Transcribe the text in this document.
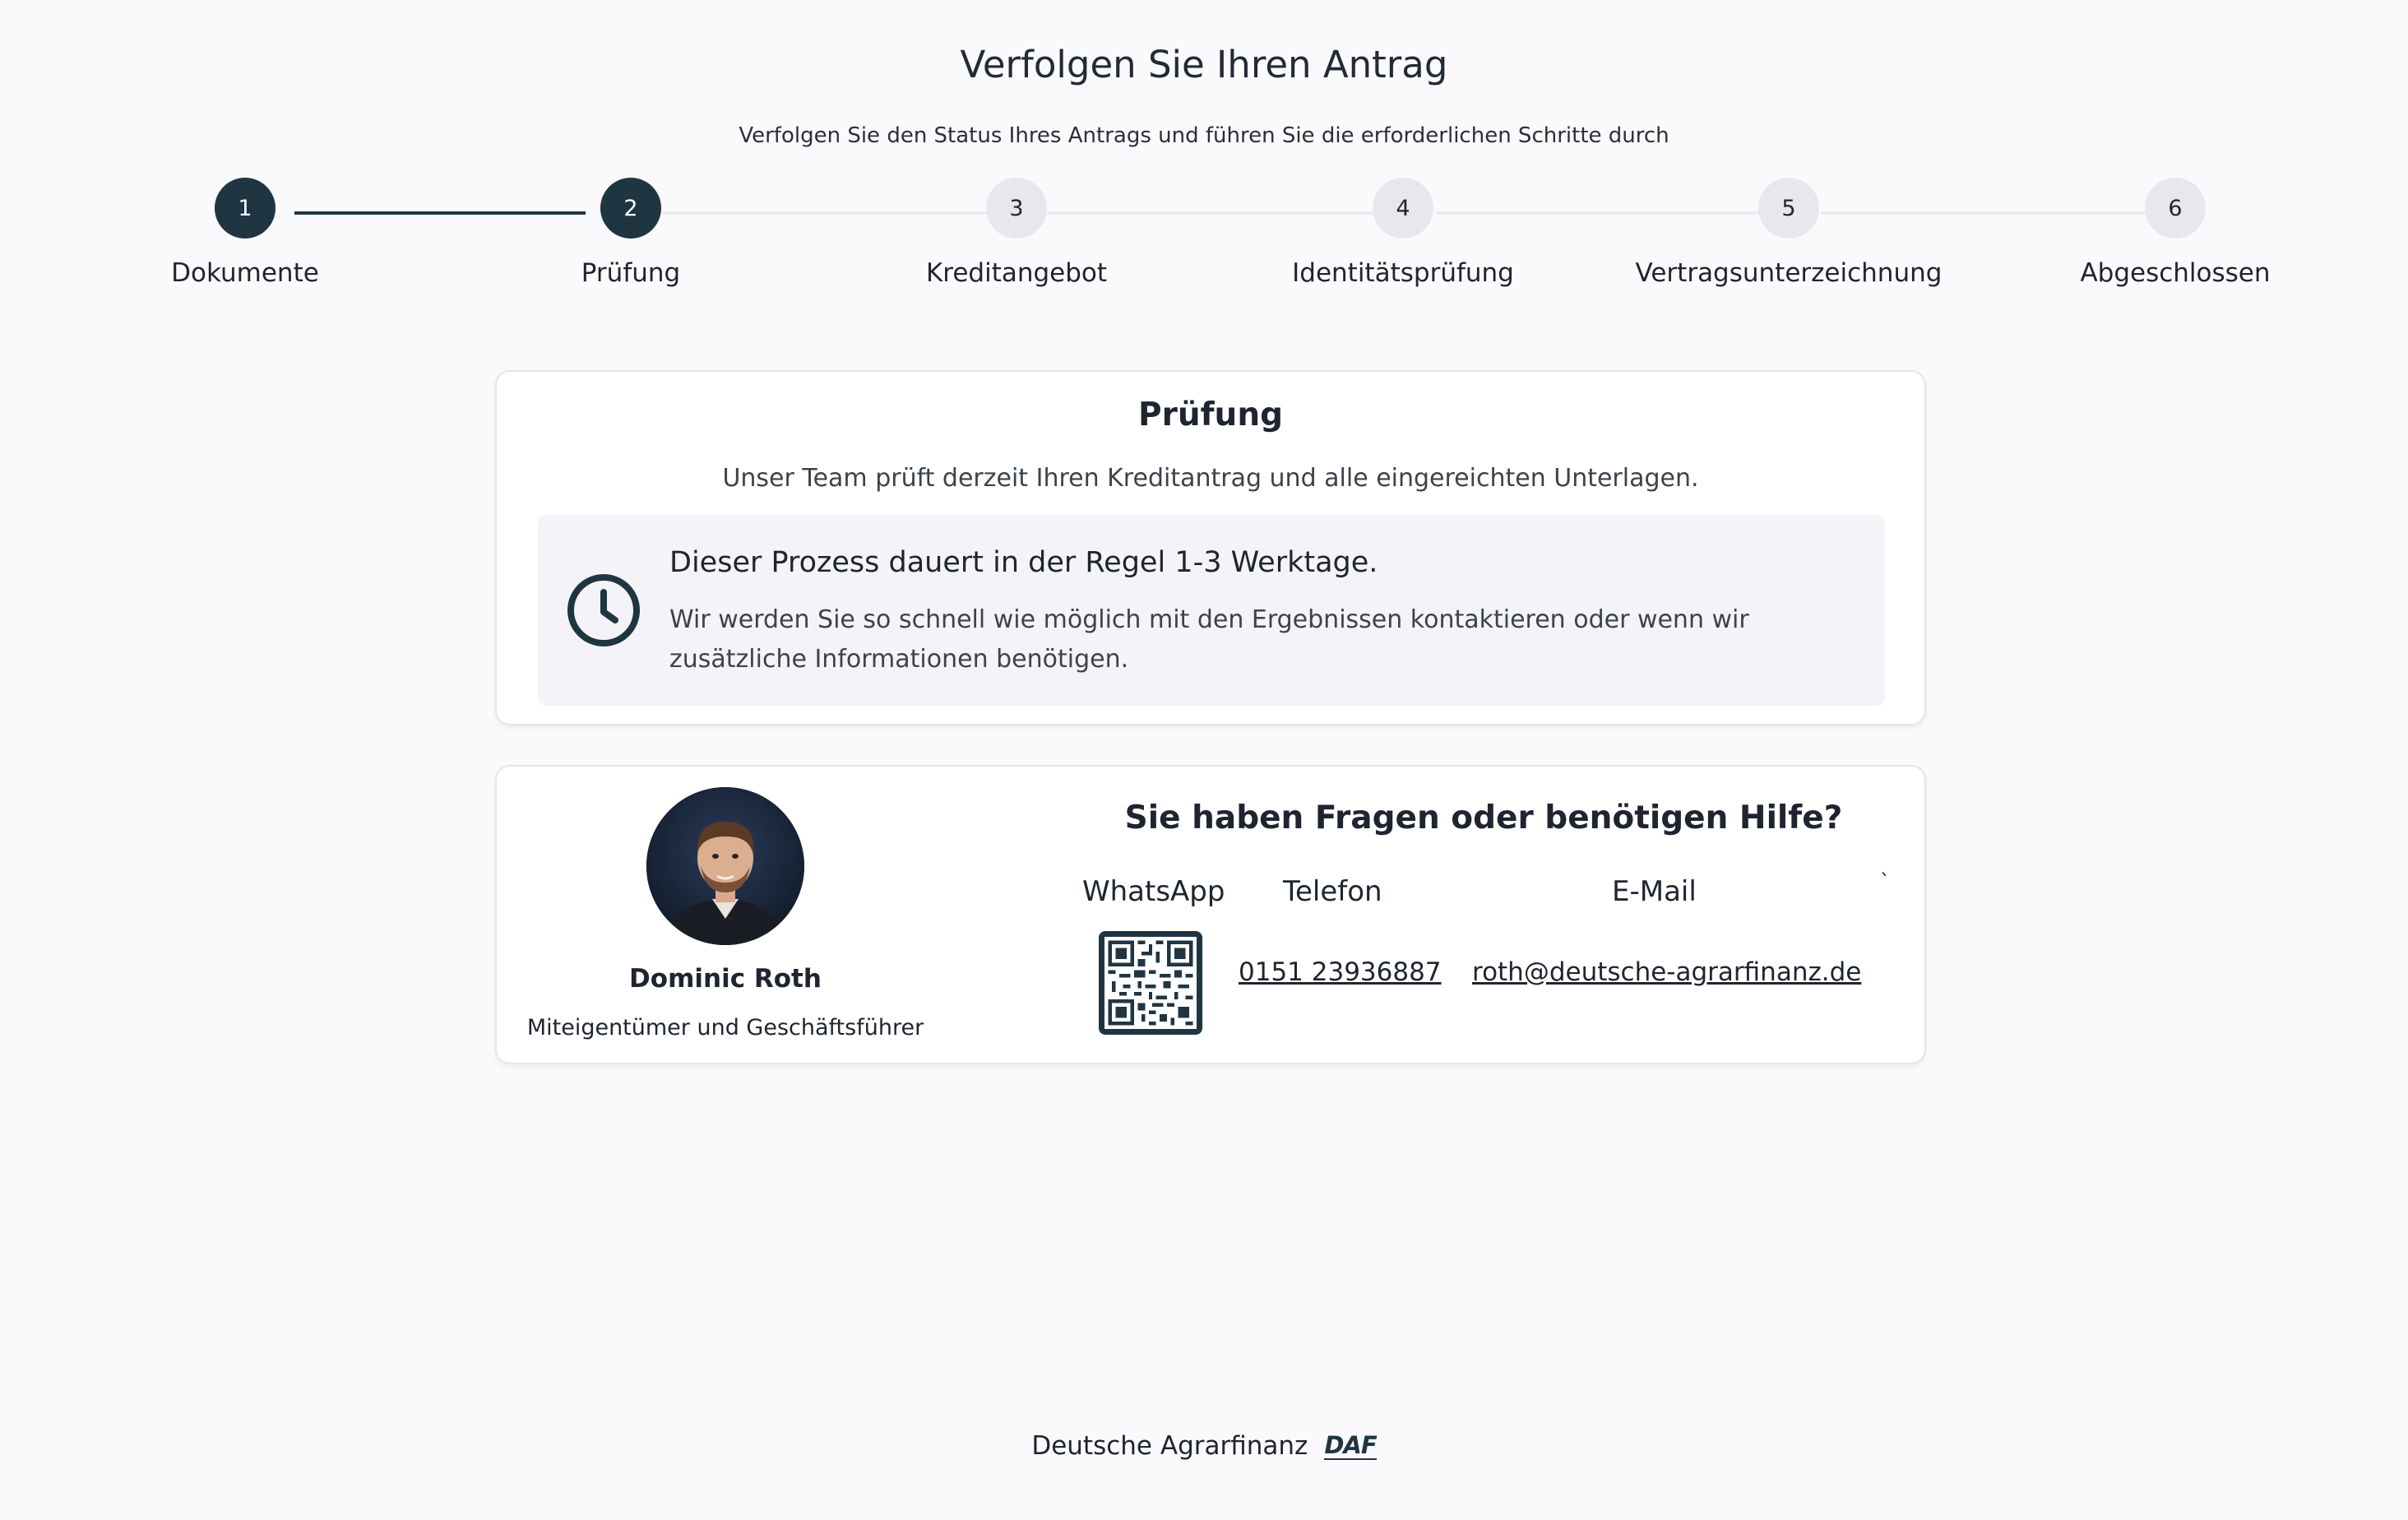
Verfolgen Sie Ihren Antrag
Verfolgen Sie den Status Ihres Antrags und führen Sie die erforderlichen Schritte durch
1
Dokumente
2
Prüfung
3
Kreditangebot
4
Identitätsprüfung
5
Vertragsunterzeichnung
6
Abgeschlossen
Prüfung
Unser Team prüft derzeit Ihren Kreditantrag und alle eingereichten Unterlagen.
Dieser Prozess dauert in der Regel 1-3 Werktage.
Wir werden Sie so schnell wie möglich mit den Ergebnissen kontaktieren oder wenn wir zusätzliche Informationen benötigen.
Dominic Roth
Miteigentümer und Geschäftsführer
Sie haben Fragen oder benötigen Hilfe?
WhatsApp Telefon	E-Mail	`
0151 23936887 roth@deutsche-agrarfinanz.de
Deutsche Agrarfinanz DAF
